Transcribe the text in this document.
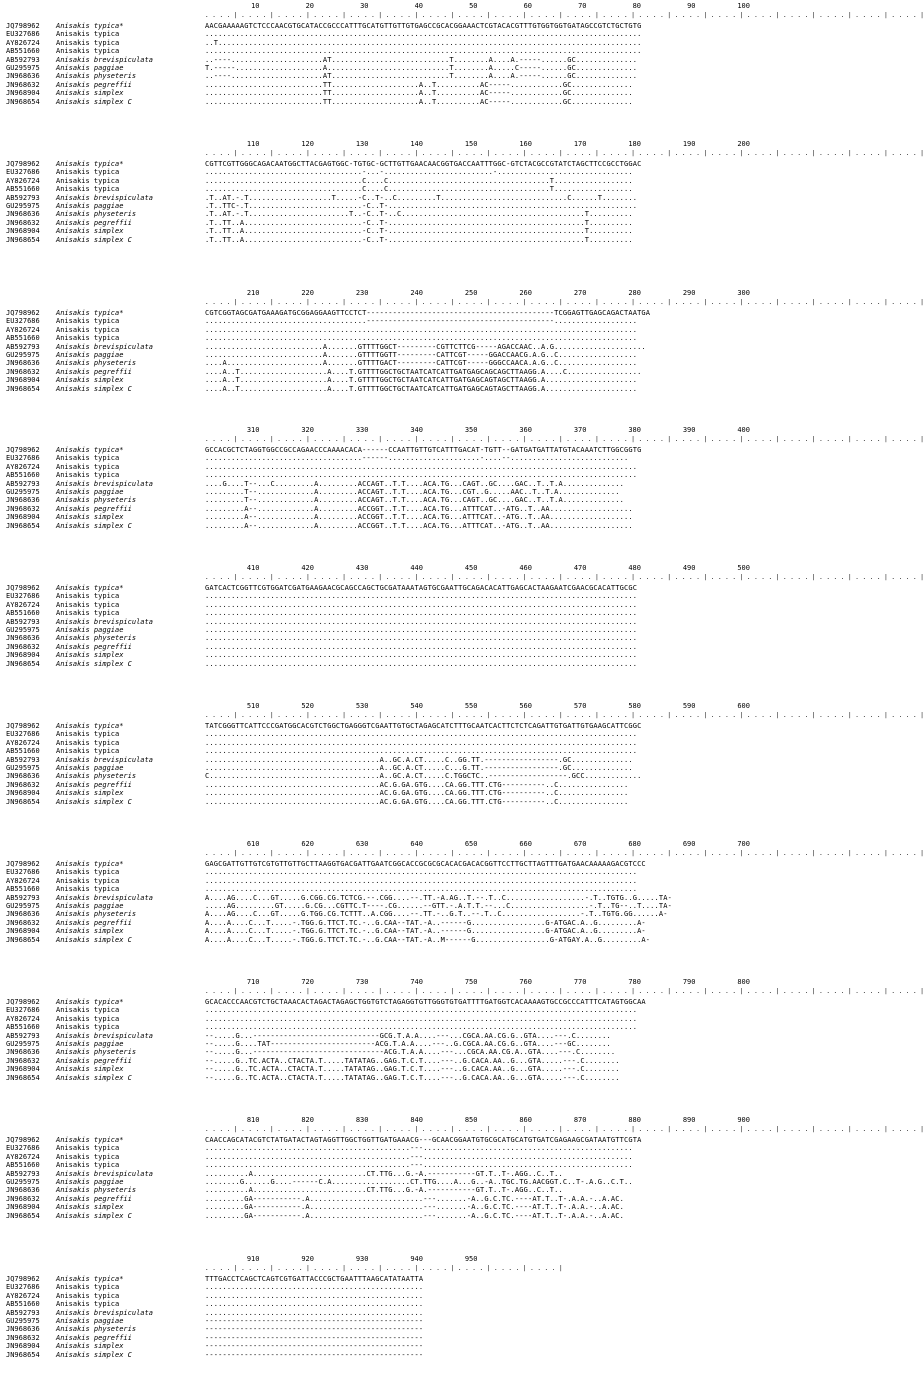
10	20	30	40	50	60	70	80	90	100
. . . . | . . . . | . . . . | . . . . | . . . . | . . . . | . . . . | . . . . | . . . . | . . . . | . . . . | . . . . | . . . . | . . . . | . . . . | . . . . | . . . . | . . . . | . . . . | . . . . |
JQ798962 Anisakis typica*	AACGAAAAAGTCTCCCAACGTGCATACCGCCCATTTGCATGTTGTTGTGAGCCGCACGGAAACTCGTACACGTTTGTGGTGGTGATAGCCGTCTGCTGTG
EU327686 Anisakis typica	....................................................................................................
AY826724 Anisakis typica	..T.................................................................................................
AB551660 Anisakis typica	....................................................................................................
AB592793 Anisakis brevispiculata	..----.....................AT...........................T........A....A.-----......GC..............
GU295975 Anisakis paggiae	T.-----....................A............................T........A.....C-----......GC..............
JN968636 Anisakis physeteris	..----.....................AT...........................T........A....A.-----......GC..............
JN968632 Anisakis pegreffii	...........................TT....................A..T..........AC-----............GC..............
JN968904 Anisakis simplex	...........................TT....................A..T..........AC-----............GC..............
JN968654 Anisakis simplex C	...........................TT....................A..T..........AC-----............GC..............
110	120	130	140	150	160	170	180	190	200
. . . . | . . . . | . . . . | . . . . | . . . . | . . . . | . . . . | . . . . | . . . . | . . . . | . . . . | . . . . | . . . . | . . . . | . . . . | . . . . | . . . . | . . . . | . . . . | . . . . |
JQ798962 Anisakis typica*	CGTTCGTTGGGCAGACAATGGCTTACGAGTGGC-TGTGC-GCTTGTTGAACAACGGTGACCAATTTGGC-GTCTACGCCGTATCTAGCTTCCGCCTGGAC
EU327686 Anisakis typica	....................................-...-.........................-...............................
AY826724 Anisakis typica	....................................C....C.....................................T..................
AB551660 Anisakis typica	....................................C....C.....................................T..................
AB592793 Anisakis brevispiculata	.T..AT.-.T...................T.....-C..T-..C.........T.............................C......T........
GU295975 Anisakis paggiae	.T..TTC-.T..........................-C..T-.........................................................
JN968636 Anisakis physeteris	.T..AT.-.T.......................T..-C..T-..C..........................................T..........
JN968632 Anisakis pegreffii	.T..TT..A...........................-C..T-.............................................T..........
JN968904 Anisakis simplex	.T..TT..A...........................-C..T-.............................................T..........
JN968654 Anisakis simplex C	.T..TT..A...........................-C..T-.............................................T..........
210	220	230	240	250	260	270	280	290	300
. . . . | . . . . | . . . . | . . . . | . . . . | . . . . | . . . . | . . . . | . . . . | . . . . | . . . . | . . . . | . . . . | . . . . | . . . . | . . . . | . . . . | . . . . | . . . . | . . . . |
JQ798962 Anisakis typica*	CGTCGGTAGCGATGAAAGATGCGGAGGAAGTTCCTCT-------------------------------------------TCGGAGTTGAGCAGACTAATGA
EU327686 Anisakis typica	.....................................-------------------------------------------...................
AY826724 Anisakis typica	...................................................................................................
AB551660 Anisakis typica	...................................................................................................
AB592793 Anisakis brevispiculata	...........................A.......GTTTTGGCT---------CGTTCTTCG-----AGACCAAC..A.G.....................
GU295975 Anisakis paggiae	...........................A.......GTTTTGGTT---------CATTCGT-----GGACCAACG.A.G..C..................
JN968636 Anisakis physeteris	....A......................A.......GTTTTGACT---------CATTCGT-----GGGCCAACA.A.G..C..................
JN968632 Anisakis pegreffii	....A..T....................A....T.GTTTTGGCTGCTAATCATCATTGATGAGCAGCAGCTTAAGG.A....C.................
JN968904 Anisakis simplex	....A..T....................A....T.GTTTTGGCTGCTAATCATCATTGATGAGCAGTAGCTTAAGG.A.....................
JN968654 Anisakis simplex C	....A..T....................A....T.GTTTTGGCTGCTAATCATCATTGATGAGCAGTAGCTTAAGG.A.....................
310	320	330	340	350	360	370	380	390	400
. . . . | . . . . | . . . . | . . . . | . . . . | . . . . | . . . . | . . . . | . . . . | . . . . | . . . . | . . . . | . . . . | . . . . | . . . . | . . . . | . . . . | . . . . | . . . . | . . . . |
JQ798962 Anisakis typica*	GCCACGCTCTAGGTGGCCGCCAGAACCCAAAACACA------CCAATTGTTGTCATTTGACAT-TGTT--GATGATGATTATGTACAAATCTTGGCGGTG
EU327686 Anisakis typica	....................................------.....................-....--...........................
AY826724 Anisakis typica	...................................................................................................
AB551660 Anisakis typica	...................................................................................................
AB592793 Anisakis brevispiculata	....G....T--...C.........A.........ACCAGT..T.T....ACA.TG...CAGT..GC....GAC..T..T.A..............
GU295975 Anisakis paggiae	.........T--.............A.........ACCAGT..T.T....ACA.TG...CGT..G.....AAC..T..T.A..............
JN968636 Anisakis physeteris	.........T--.............A.........ACCAGT..T.T....ACA.TG...CAGT..GC....GAC..T..T.A..............
JN968632 Anisakis pegreffii	.........A--.............A.........ACCGGT..T.T....ACA.TG...ATTTCAT..-ATG..T..AA...................
JN968904 Anisakis simplex	.........A--.............A.........ACCGGT..T.T....ACA.TG...ATTTCAT..-ATG..T..AA...................
JN968654 Anisakis simplex C	.........A--.............A.........ACCGGT..T.T....ACA.TG...ATTTCAT..-ATG..T..AA...................
410	420	430	440	450	460	470	480	490	500
. . . . | . . . . | . . . . | . . . . | . . . . | . . . . | . . . . | . . . . | . . . . | . . . . | . . . . | . . . . | . . . . | . . . . | . . . . | . . . . | . . . . | . . . . | . . . . | . . . . |
JQ798962 Anisakis typica*	GATCACTCGGTTCGTGGATCGATGAAGAACGCAGCCAGCTGCGATAAATAGTGCGAATTGCAGACACATTGAGCACTAAGAATCGAACGCACATTGCGC
EU327686 Anisakis typica	...................................................................................................
AY826724 Anisakis typica	...................................................................................................
AB551660 Anisakis typica	...................................................................................................
AB592793 Anisakis brevispiculata	...................................................................................................
GU295975 Anisakis paggiae	...................................................................................................
JN968636 Anisakis physeteris	...................................................................................................
JN968632 Anisakis pegreffii	...................................................................................................
JN968904 Anisakis simplex	...................................................................................................
JN968654 Anisakis simplex C	...................................................................................................
510	520	530	540	550	560	570	580	590	600
. . . . | . . . . | . . . . | . . . . | . . . . | . . . . | . . . . | . . . . | . . . . | . . . . | . . . . | . . . . | . . . . | . . . . | . . . . | . . . . | . . . . | . . . . | . . . . | . . . . |
JQ798962 Anisakis typica*	TATCGGGTTCATTCCCGATGGCACGTCTGGCTGAGGGTCGAATTGTGCTAGAGCATCTTTGCAATCACTTCTCTCAGATTGTGATTGTGAAGCATTCGGC
EU327686 Anisakis typica	...................................................................................................
AY826724 Anisakis typica	...................................................................................................
AB551660 Anisakis typica	...................................................................................................
AB592793 Anisakis brevispiculata	........................................A..GC.A.CT.....C..GG.TT.-----------------.GC..............
GU295975 Anisakis paggiae	........................................A..GC.A.CT.....C...G.TT.-----------------.GC..............
JN968636 Anisakis physeteris	C.......................................A..GC.A.CT.....C.TGGCTC..------------------.GCC.............
JN968632 Anisakis pegreffii	........................................AC.G.GA.GTG....CA.GG.TTT.CTG----------..C................
JN968904 Anisakis simplex	........................................AC.G.GA.GTG....CA.GG.TTT.CTG----------..C................
JN968654 Anisakis simplex C	........................................AC.G.GA.GTG....CA.GG.TTT.CTG----------..C................
610	620	630	640	650	660	670	680	690	700
. . . . | . . . . | . . . . | . . . . | . . . . | . . . . | . . . . | . . . . | . . . . | . . . . | . . . . | . . . . | . . . . | . . . . | . . . . | . . . . | . . . . | . . . . | . . . . | . . . . |
JQ798962 Anisakis typica*	GAGCGATTGTTGTCGTGTTGTTGCTTAAGGTGACGATTGAATCGGCACCGCGCGCACACGACACGGTTCCTTGCTTAGTTTGATGAACAAAAAGACGTCCC
EU327686 Anisakis typica	...................................................................................................
AY826724 Anisakis typica	...................................................................................................
AB551660 Anisakis typica	...................................................................................................
AB592793 Anisakis brevispiculata	A....AG....C...GT.....G.CGG.CG.TCTCG.--.CGG....--.TT.-A.AG..T.--.T..C..................-.T..TGTG..G.....TA-
GU295975 Anisakis paggiae	.....AG.........GT.....G.CG...CGTTC.T----.CG......--GTT.-.A.T.T.--...C..................-.T..TG--..T....TA-
JN968636 Anisakis physeteris	A....AG....C...GT.....G.TGG.CG.TCTTT..A.CGG....--.TT.-..G.T..--.T..C..................-.T..TGTG.GG......A-
JN968632 Anisakis pegreffii	A....A....C...T.....-.TGG.G.TTCT.TC.-..G.CAA--TAT.-A..------G.................G-ATGAC.A..G.........A-
JN968904 Anisakis simplex	A....A....C...T.....-.TGG.G.TTCT.TC.-..G.CAA--TAT.-A..------G.................G-ATGAC.A..G.........A-
JN968654 Anisakis simplex C	A....A....C...T.....-.TGG.G.TTCT.TC.-..G.CAA--TAT.-A..M------G.................G-ATGAY.A..G.........A-
710	720	730	740	750	760	770	780	790	800
. . . . | . . . . | . . . . | . . . . | . . . . | . . . . | . . . . | . . . . | . . . . | . . . . | . . . . | . . . . | . . . . | . . . . | . . . . | . . . . | . . . . | . . . . | . . . . | . . . . |
JQ798962 Anisakis typica*	GCACACCCAACGTCTGCTAAACACTAGACTAGAGCTGGTGTCTAGAGGTGTTGGGTGTGATTTTGATGGTCACAAAAGTGCCGCCCATTTCATAGTGGCAA
EU327686 Anisakis typica	...................................................................................................
AY826724 Anisakis typica	...................................................................................................
AB551660 Anisakis typica	...................................................................................................
AB592793 Anisakis brevispiculata	--.....G...-----------------------------GCG.T.A.A....---...CGCA.AA.CG.G..GTA....---.C........
GU295975 Anisakis paggiae	--.....G....TAT------------------------ACG.T.A.A....---..G.CGCA.AA.CG.G..GTA....---GC........
JN968636 Anisakis physeteris	--.....G...------------------------------ACG.T.A.A....---...CGCA.AA.CG.A..GTA....---.C........
JN968632 Anisakis pegreffii	--.....G..TC.ACTA..CTACTA.T.....TATATAG..GAG.T.C.T....---..G.CACA.AA..G...GTA.....---.C........
JN968904 Anisakis simplex	--.....G..TC.ACTA..CTACTA.T.....TATATAG..GAG.T.C.T....---..G.CACA.AA..G...GTA.....---.C........
JN968654 Anisakis simplex C	--.....G..TC.ACTA..CTACTA.T.....TATATAG..GAG.T.C.T....---..G.CACA.AA..G...GTA.....---.C........
810	820	830	840	850	860	870	880	890	900
. . . . | . . . . | . . . . | . . . . | . . . . | . . . . | . . . . | . . . . | . . . . | . . . . | . . . . | . . . . | . . . . | . . . . | . . . . | . . . . | . . . . | . . . . | . . . . | . . . . |
JQ798962 Anisakis typica*	CAACCAGCATACGTCTATGATACTAGTAGGTTGGCTGGTTGATGAAACG---GCAACGGAATGTGCGCATGCATGTGATCGAGAAGCGATAATGTTCGTA
EU327686 Anisakis typica	...............................................---................................................
AY826724 Anisakis typica	...............................................---................................................
AB551660 Anisakis typica	...............................................---................................................
AB592793 Anisakis brevispiculata	..........A..........................CT.TTG...G.-A.-----------GT.T..T-.AGG..C..T..
GU295975 Anisakis paggiae	........G......G....------C.A..................CT.TTG....A...G..-A..TGC.TG.AACGGT.C..T-.A.G..C.T..
JN968636 Anisakis physeteris	..........A..........................CT.TTG...G.-A.-----------GT.T..T-.AGG..C..T..
JN968632 Anisakis pegreffii	.........GA-----------.A..........................---.......-A..G.C.TC.----AT.T..T-.A.A.-..A.AC.
JN968904 Anisakis simplex	.........GA-----------.A..........................---.......-A..G.C.TC.----AT.T..T-.A.A.-..A.AC.
JN968654 Anisakis simplex C	.........GA-----------.A..........................---.......-A..G.C.TC.----AT.T..T-.A.A.-..A.AC.
910	920	930	940	950
. . . . | . . . . | . . . . | . . . . | . . . . | . . . . | . . . . | . . . . | . . . . | . . . . |
JQ798962 Anisakis typica*	TTTGACCTCAGCTCAGTCGTGATTACCCGCTGAATTTAAGCATATAATTA
EU327686 Anisakis typica	..................................................
AY826724 Anisakis typica	..................................................
AB551660 Anisakis typica	..................................................
AB592793 Anisakis brevispiculata	..................................................
GU295975 Anisakis paggiae	--------------------------------------------------
JN968636 Anisakis physeteris	--------------------------------------------------
JN968632 Anisakis pegreffii	--------------------------------------------------
JN968904 Anisakis simplex	--------------------------------------------------
JN968654 Anisakis simplex C	--------------------------------------------------
